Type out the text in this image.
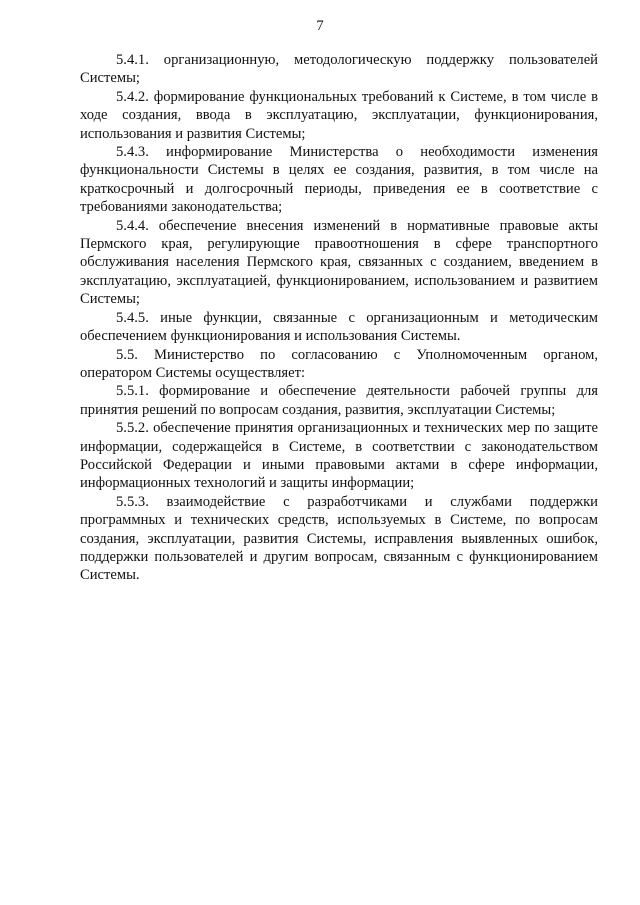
7

5.4.1. организационную, методологическую поддержку пользователей Системы;

5.4.2. формирование функциональных требований к Системе, в том числе в ходе создания, ввода в эксплуатацию, эксплуатации, функционирования, использования и развития Системы;

5.4.3. информирование Министерства о необходимости изменения функциональности Системы в целях ее создания, развития, в том числе на краткосрочный и долгосрочный периоды, приведения ее в соответствие с требованиями законодательства;

5.4.4. обеспечение внесения изменений в нормативные правовые акты Пермского края, регулирующие правоотношения в сфере транспортного обслуживания населения Пермского края, связанных с созданием, введением в эксплуатацию, эксплуатацией, функционированием, использованием и развитием Системы;

5.4.5. иные функции, связанные с организационным и методическим обеспечением функционирования и использования Системы.

5.5. Министерство по согласованию с Уполномоченным органом, оператором Системы осуществляет:

5.5.1. формирование и обеспечение деятельности рабочей группы для принятия решений по вопросам создания, развития, эксплуатации Системы;

5.5.2. обеспечение принятия организационных и технических мер по защите информации, содержащейся в Системе, в соответствии с законодательством Российской Федерации и иными правовыми актами в сфере информации, информационных технологий и защиты информации;

5.5.3. взаимодействие с разработчиками и службами поддержки программных и технических средств, используемых в Системе, по вопросам создания, эксплуатации, развития Системы, исправления выявленных ошибок, поддержки пользователей и другим вопросам, связанным с функционированием Системы.
